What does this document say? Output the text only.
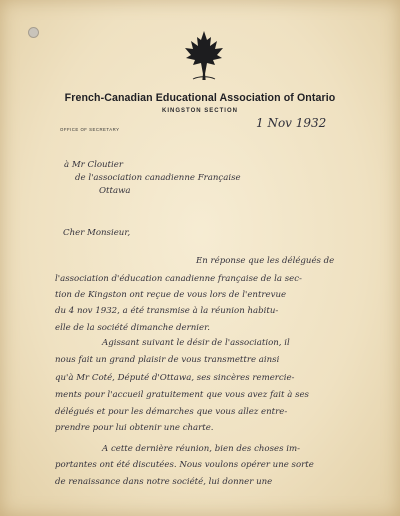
French-Canadian Educational Association of Ontario
KINGSTON SECTION
OFFICE OF SECRETARY	1 Nov 1932
à Mr Cloutier
de l'association canadienne Française
Ottawa
Cher Monsieur,
En réponse que les délégués de
l'association d'éducation canadienne française de la sec-
tion de Kingston ont reçue de vous lors de l'entrevue
du 4 nov 1932, a été transmise à la réunion habitu-
elle de la société dimanche dernier.
Agissant suivant le désir de l'association, il
nous fait un grand plaisir de vous transmettre ainsi
qu'à Mr Coté, Député d'Ottawa, ses sincères remercie-
ments pour l'accueil gratuitement que vous avez fait à ses
délégués et pour les démarches que vous allez entre-
prendre pour lui obtenir une charte.
A cette dernière réunion, bien des choses im-
portantes ont été discutées. Nous voulons opérer une sorte
de renaissance dans notre société, lui donner une
